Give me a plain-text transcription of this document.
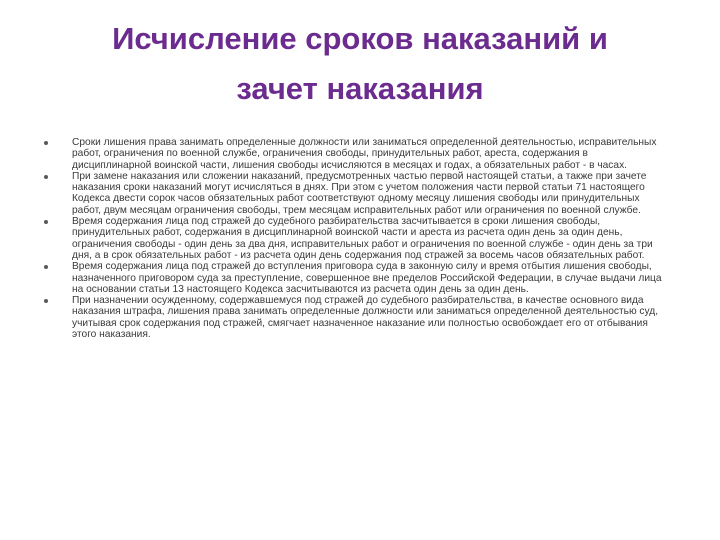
Исчисление сроков наказаний и
зачет наказания
Сроки лишения права занимать определенные должности или заниматься определенной деятельностью, исправительных работ, ограничения по военной службе, ограничения свободы, принудительных работ, ареста, содержания в дисциплинарной воинской части, лишения свободы исчисляются в месяцах и годах, а обязательных работ - в часах.
При замене наказания или сложении наказаний, предусмотренных частью первой настоящей статьи, а также при зачете наказания сроки наказаний могут исчисляться в днях. При этом с учетом положения части первой статьи 71 настоящего Кодекса двести сорок часов обязательных работ соответствуют одному месяцу лишения свободы или принудительных работ, двум месяцам ограничения свободы, трем месяцам исправительных работ или ограничения по военной службе.
Время содержания лица под стражей до судебного разбирательства засчитывается в сроки лишения свободы, принудительных работ, содержания в дисциплинарной воинской части и ареста из расчета один день за один день, ограничения свободы - один день за два дня, исправительных работ и ограничения по военной службе - один день за три дня, а в срок обязательных работ - из расчета один день содержания под стражей за восемь часов обязательных работ.
Время содержания лица под стражей до вступления приговора суда в законную силу и время отбытия лишения свободы, назначенного приговором суда за преступление, совершенное вне пределов Российской Федерации, в случае выдачи лица на основании статьи 13 настоящего Кодекса засчитываются из расчета один день за один день.
При назначении осужденному, содержавшемуся под стражей до судебного разбирательства, в качестве основного вида наказания штрафа, лишения права занимать определенные должности или заниматься определенной деятельностью суд, учитывая срок содержания под стражей, смягчает назначенное наказание или полностью освобождает его от отбывания этого наказания.
